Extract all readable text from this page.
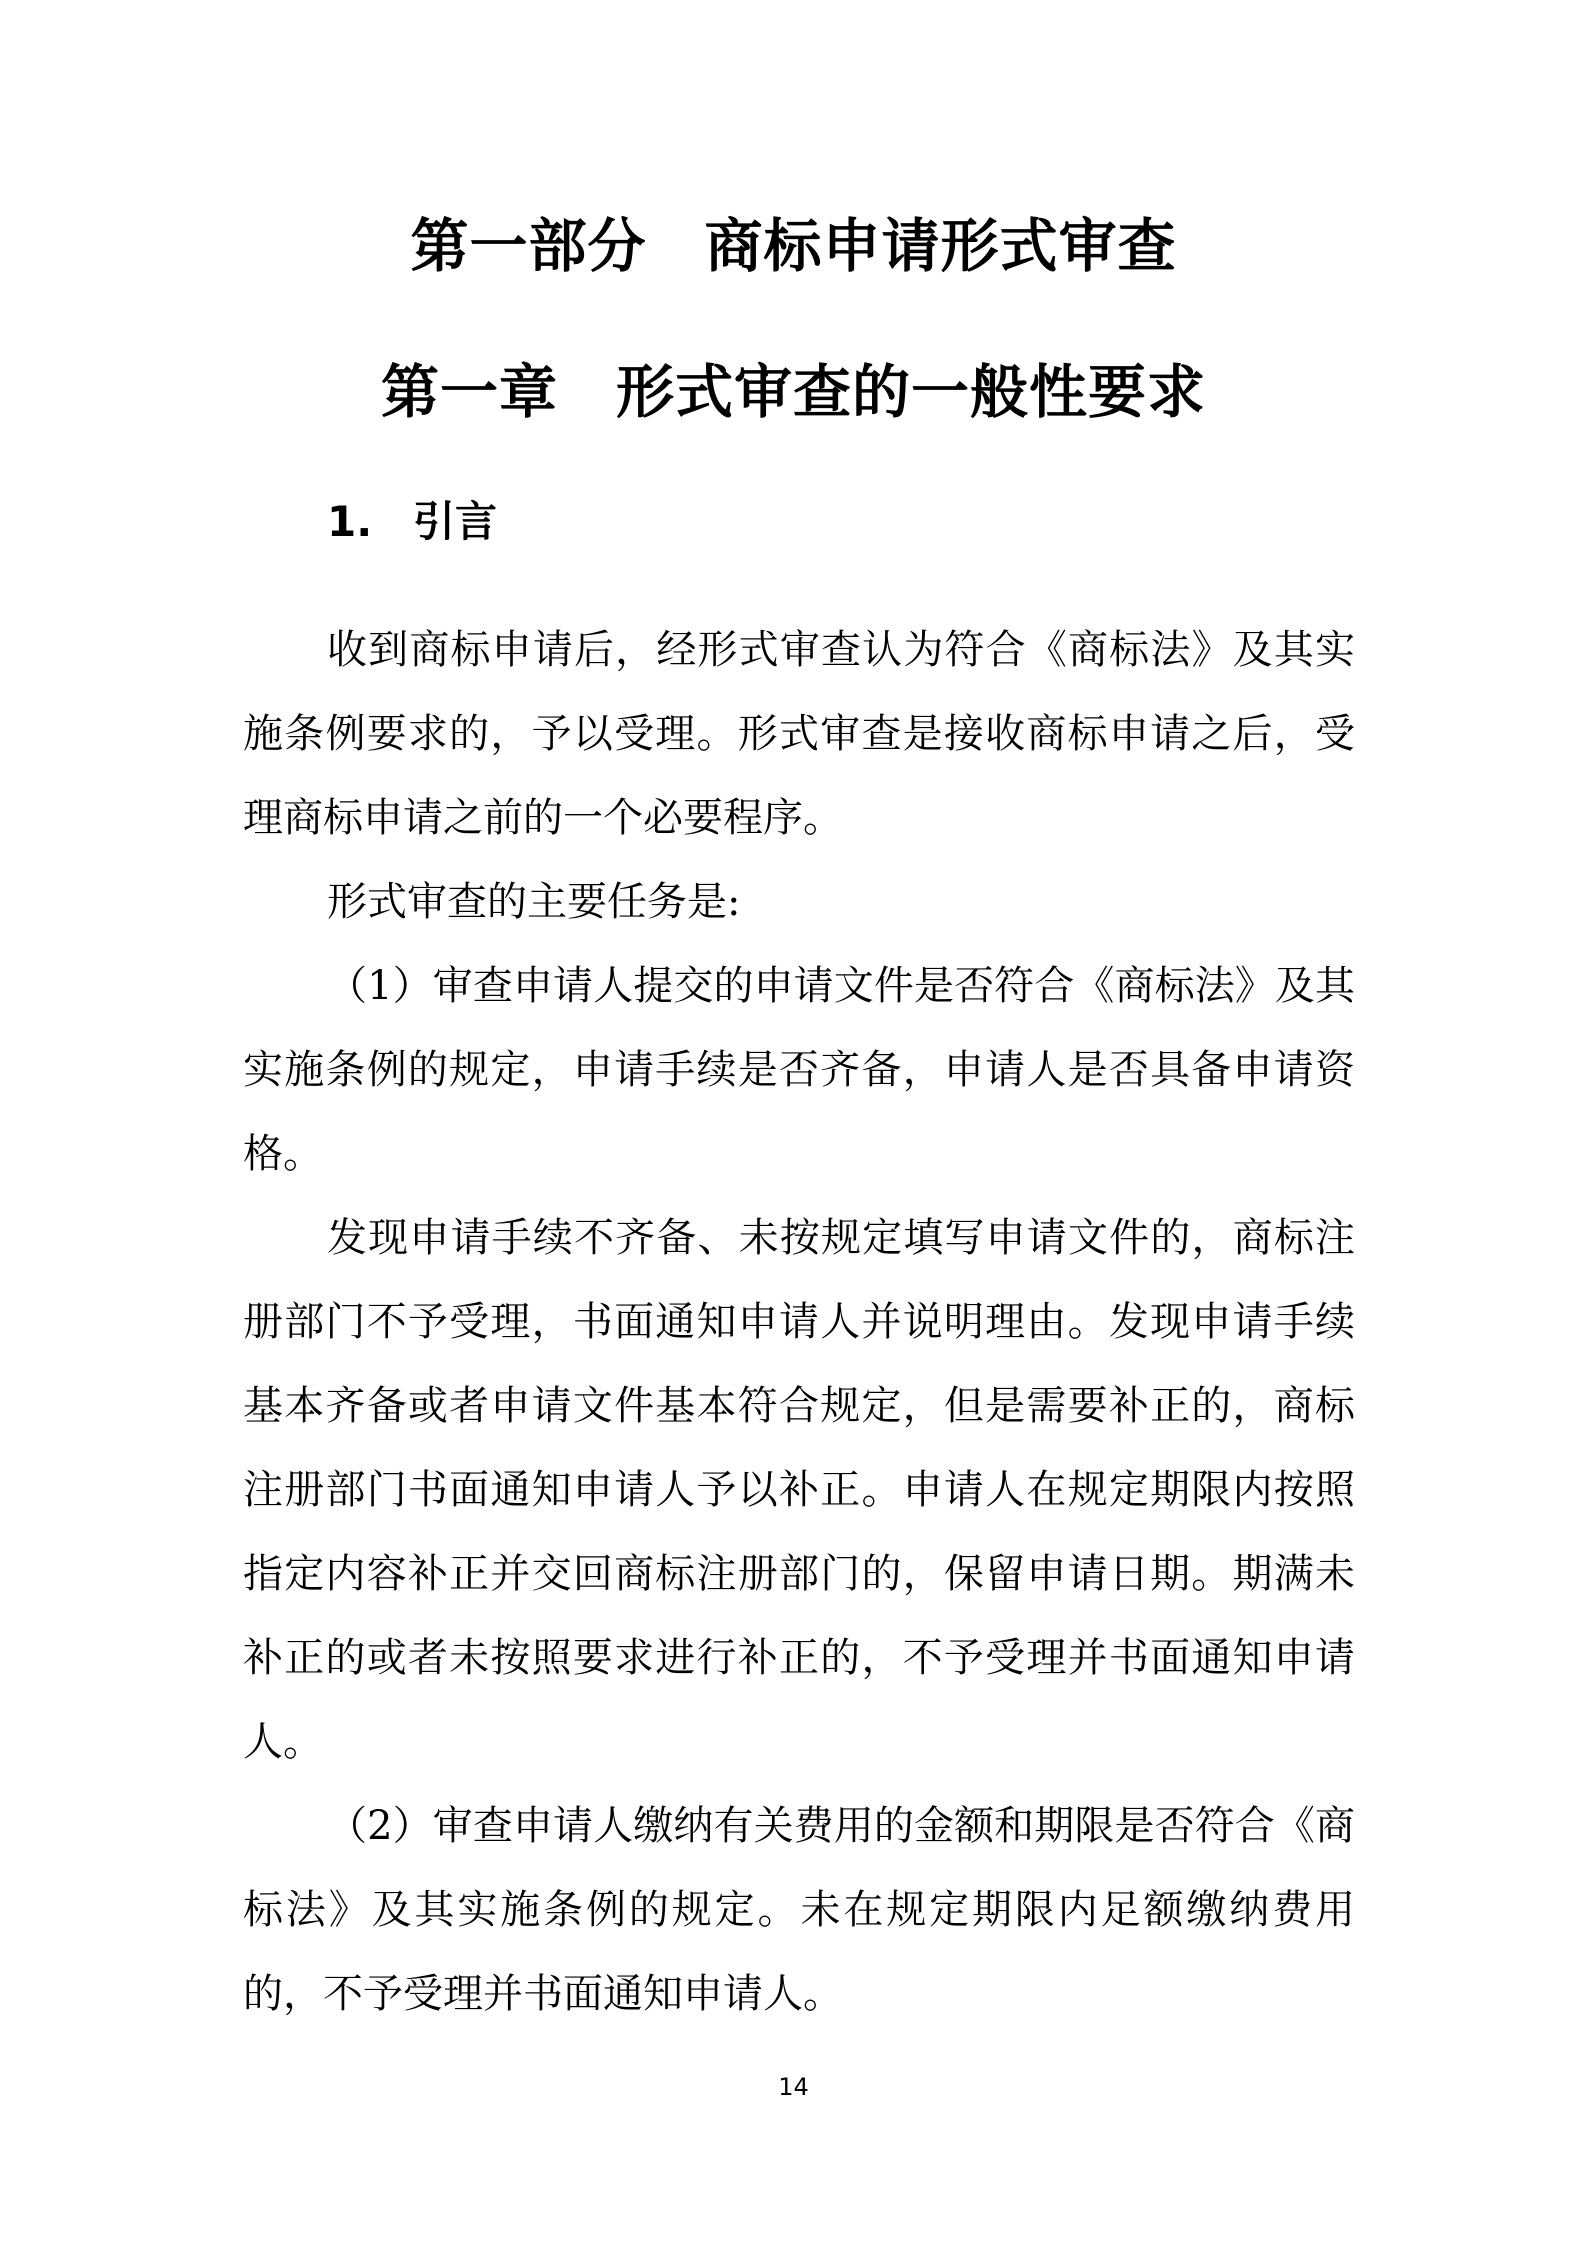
第一部分 商标申请形式审查
第一章 形式审查的一般性要求
1. 引言

收到商标申请后，经形式审查认为符合《商标法》及其实施条例要求的，予以受理。形式审查是接收商标申请之后，受理商标申请之前的一个必要程序。

形式审查的主要任务是:

（1）审查申请人提交的申请文件是否符合《商标法》及其实施条例的规定，申请手续是否齐备，申请人是否具备申请资格。

发现申请手续不齐备、未按规定填写申请文件的，商标注册部门不予受理，书面通知申请人并说明理由。发现申请手续基本齐备或者申请文件基本符合规定，但是需要补正的，商标注册部门书面通知申请人予以补正。申请人在规定期限内按照指定内容补正并交回商标注册部门的，保留申请日期。期满未补正的或者未按照要求进行补正的，不予受理并书面通知申请人。

（2）审查申请人缴纳有关费用的金额和期限是否符合《商标法》及其实施条例的规定。未在规定期限内足额缴纳费用的，不予受理并书面通知申请人。

14
